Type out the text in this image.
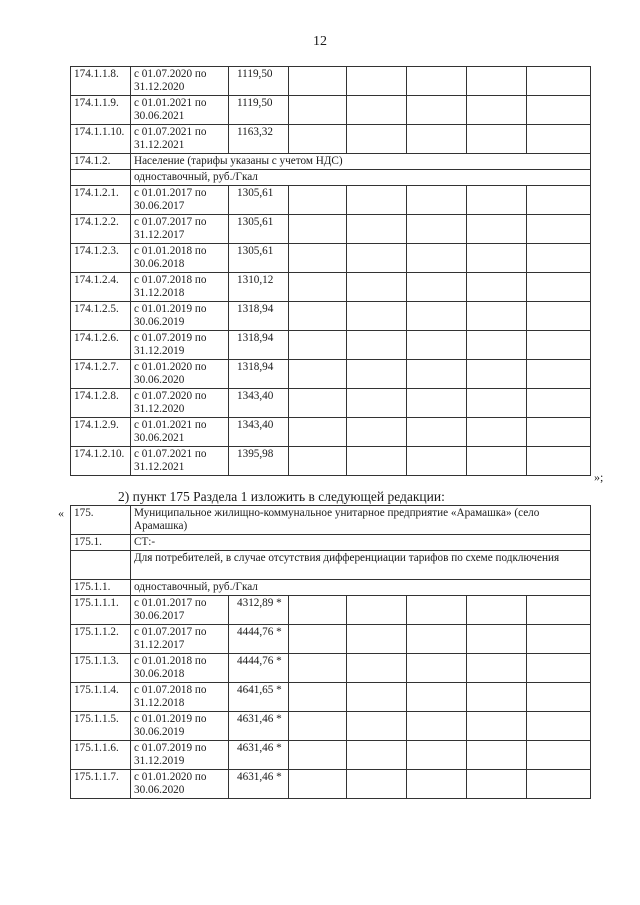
12
174.1.1.8.	с 01.07.2020 по 31.12.2020	1119,50					
174.1.1.9.	с 01.01.2021 по 30.06.2021	1119,50					
174.1.1.10.	с 01.07.2021 по 31.12.2021	1163,32					
174.1.2.	Население (тарифы указаны с учетом НДС)						
	одноставочный, руб./Гкал						
174.1.2.1.	с 01.01.2017 по 30.06.2017	1305,61					
174.1.2.2.	с 01.07.2017 по 31.12.2017	1305,61					
174.1.2.3.	с 01.01.2018 по 30.06.2018	1305,61					
174.1.2.4.	с 01.07.2018 по 31.12.2018	1310,12					
174.1.2.5.	с 01.01.2019 по 30.06.2019	1318,94					
174.1.2.6.	с 01.07.2019 по 31.12.2019	1318,94					
174.1.2.7.	с 01.01.2020 по 30.06.2020	1318,94					
174.1.2.8.	с 01.07.2020 по 31.12.2020	1343,40					
174.1.2.9.	с 01.01.2021 по 30.06.2021	1343,40					
174.1.2.10.	с 01.07.2021 по 31.12.2021	1395,98					
»;
2) пункт 175 Раздела 1 изложить в следующей редакции:
« 175.	Муниципальное жилищно-коммунальное унитарное предприятие «Арамашка» (село Арамашка)						
175.1.	СТ:-						
	Для потребителей, в случае отсутствия дифференциации тарифов по схеме подключения						
175.1.1.	одноставочный, руб./Гкал						
175.1.1.1.	с 01.01.2017 по 30.06.2017	4312,89 *					
175.1.1.2.	с 01.07.2017 по 31.12.2017	4444,76 *					
175.1.1.3.	с 01.01.2018 по 30.06.2018	4444,76 *					
175.1.1.4.	с 01.07.2018 по 31.12.2018	4641,65 *					
175.1.1.5.	с 01.01.2019 по 30.06.2019	4631,46 *					
175.1.1.6.	с 01.07.2019 по 31.12.2019	4631,46 *					
175.1.1.7.	с 01.01.2020 по 30.06.2020	4631,46 *					
